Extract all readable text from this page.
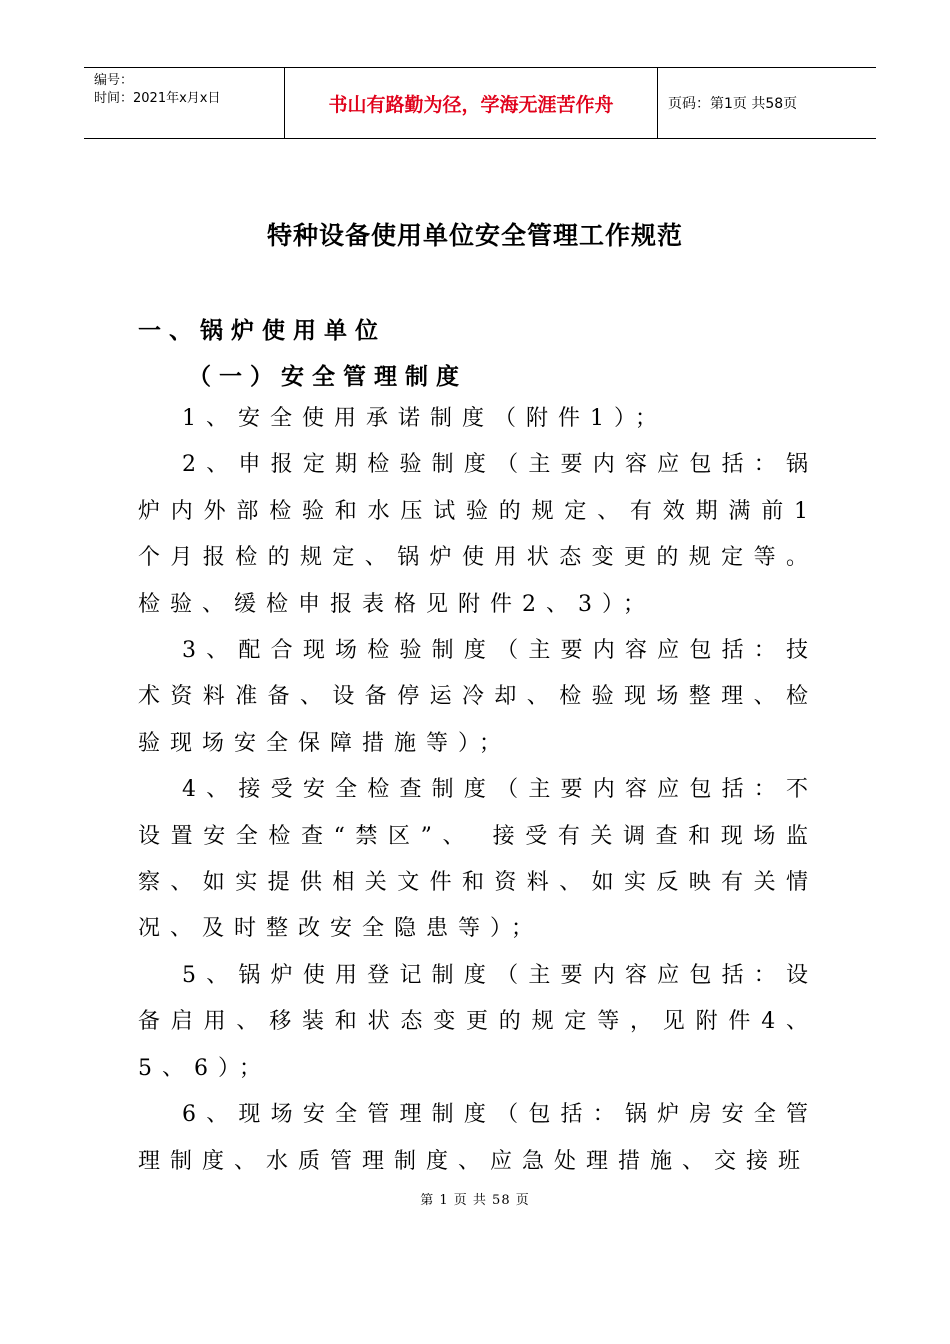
编号：
时间：2021年x月x日	书山有路勤为径，学海无涯苦作舟	页码：第1页 共58页
特种设备使用单位安全管理工作规范
一、锅炉使用单位
（一）安全管理制度

1、安全使用承诺制度（附件1）；

2、申报定期检验制度（主要内容应包括：锅炉内外部检验和水压试验的规定、有效期满前1个月报检的规定、锅炉使用状态变更的规定等。检验、缓检申报表格见附件2、3）；

3、配合现场检验制度（主要内容应包括：技术资料准备、设备停运冷却、检验现场整理、检验现场安全保障措施等）；

4、接受安全检查制度（主要内容应包括：不设置安全检查“禁区”、 接受有关调查和现场监察、如实提供相关文件和资料、如实反映有关情况、及时整改安全隐患等）；

5、锅炉使用登记制度（主要内容应包括：设备启用、移装和状态变更的规定等，见附件4、5、6）；

6、现场安全管理制度（包括：锅炉房安全管理制度、水质管理制度、应急处理措施、交接班

第 1 页 共 58 页
